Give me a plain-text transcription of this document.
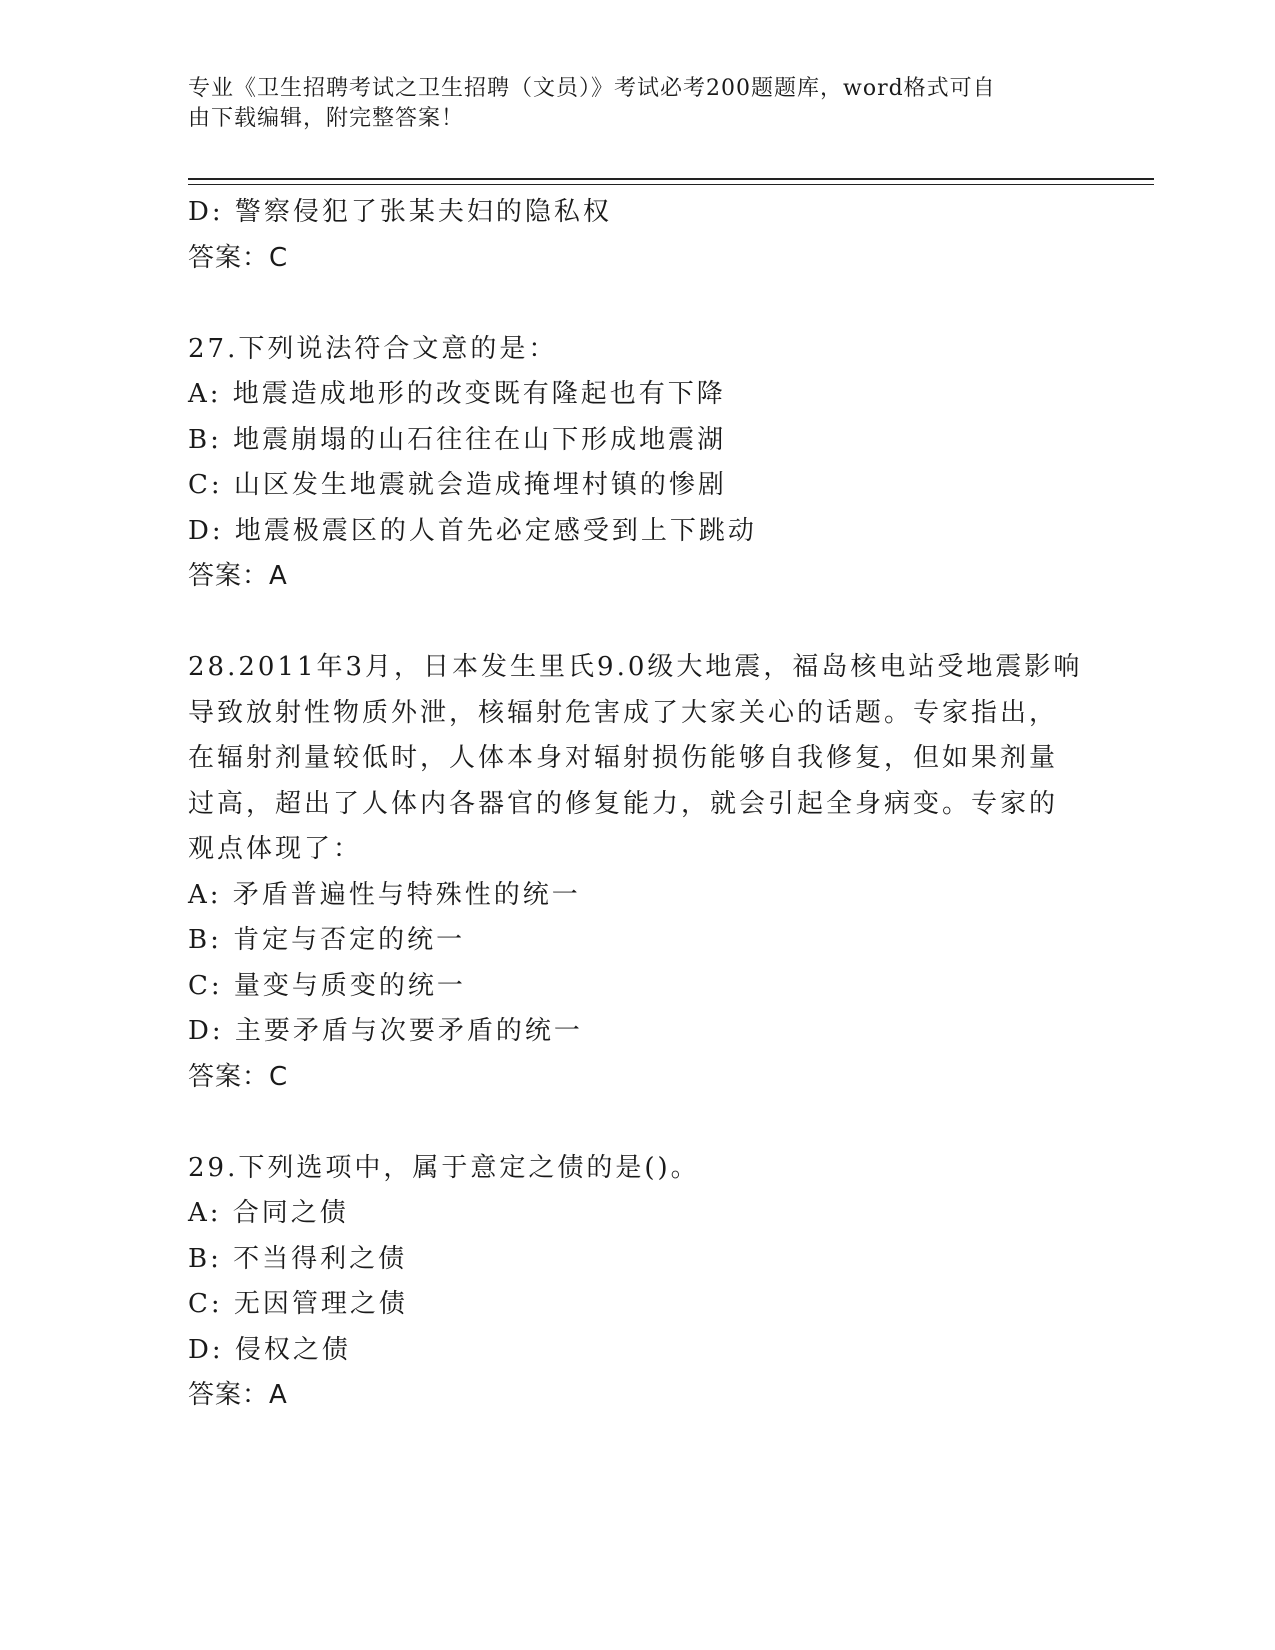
专业《卫生招聘考试之卫生招聘（文员）》考试必考200题题库，word格式可自
由下载编辑，附完整答案！
D: 警察侵犯了张某夫妇的隐私权
答案：C
27.下列说法符合文意的是：
A: 地震造成地形的改变既有隆起也有下降
B: 地震崩塌的山石往往在山下形成地震湖
C: 山区发生地震就会造成掩埋村镇的惨剧
D: 地震极震区的人首先必定感受到上下跳动
答案：A
28.2011年3月，日本发生里氏9.0级大地震，福岛核电站受地震影响
导致放射性物质外泄，核辐射危害成了大家关心的话题。专家指出，
在辐射剂量较低时，人体本身对辐射损伤能够自我修复，但如果剂量
过高，超出了人体内各器官的修复能力，就会引起全身病变。专家的
观点体现了：
A: 矛盾普遍性与特殊性的统一
B: 肯定与否定的统一
C: 量变与质变的统一
D: 主要矛盾与次要矛盾的统一
答案：C
29.下列选项中，属于意定之债的是()。
A: 合同之债
B: 不当得利之债
C: 无因管理之债
D: 侵权之债
答案：A
